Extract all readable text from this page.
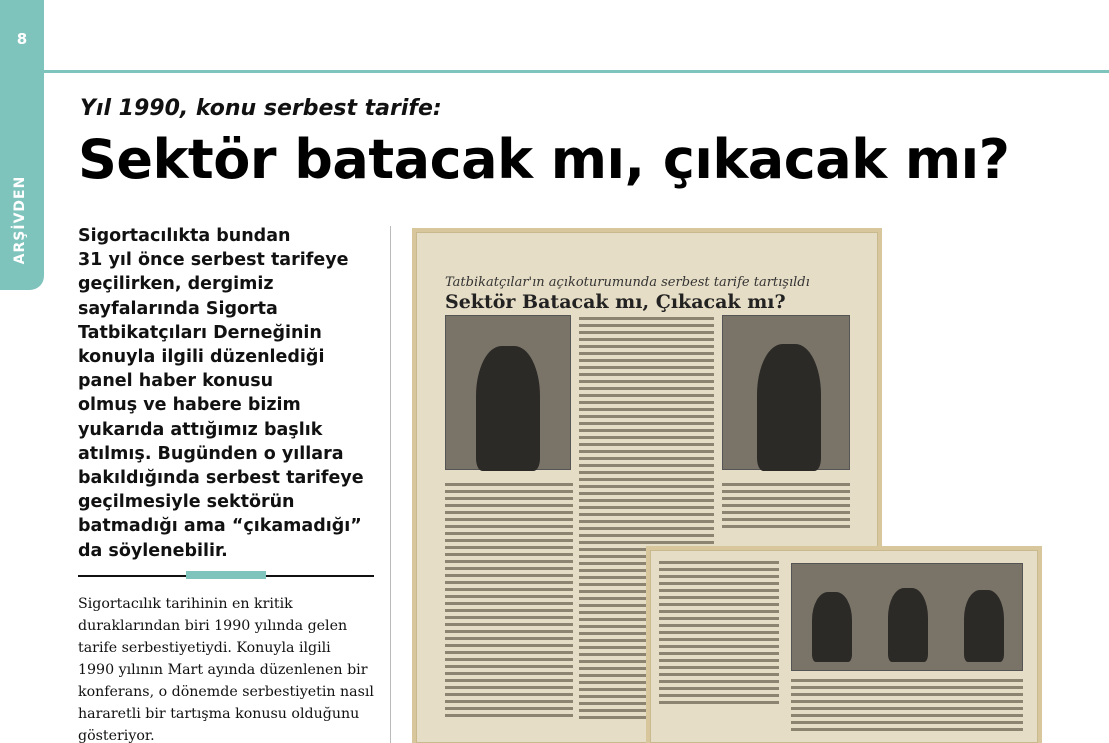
8
ARŞİVDEN
Yıl 1990, konu serbest tarife:
Sektör batacak mı, çıkacak mı?
Sigortacılıkta bundan
31 yıl önce serbest tarifeye
geçilirken, dergimiz
sayfalarında Sigorta
Tatbikatçıları Derneğinin
konuyla ilgili düzenlediği
panel haber konusu
olmuş ve habere bizim
yukarıda attığımız başlık
atılmış. Bugünden o yıllara
bakıldığında serbest tarifeye
geçilmesiyle sektörün
batmadığı ama “çıkamadığı”
da söylenebilir.
Sigortacılık tarihinin en kritik
duraklarından biri 1990 yılında gelen
tarife serbestiyetiydi. Konuyla ilgili
1990 yılının Mart ayında düzenlenen bir
konferans, o dönemde serbestiyetin nasıl
hararetli bir tartışma konusu olduğunu
gösteriyor.
Tatbikatçılar'ın açıkoturumunda serbest tarife tartışıldı
Sektör Batacak mı, Çıkacak mı?
